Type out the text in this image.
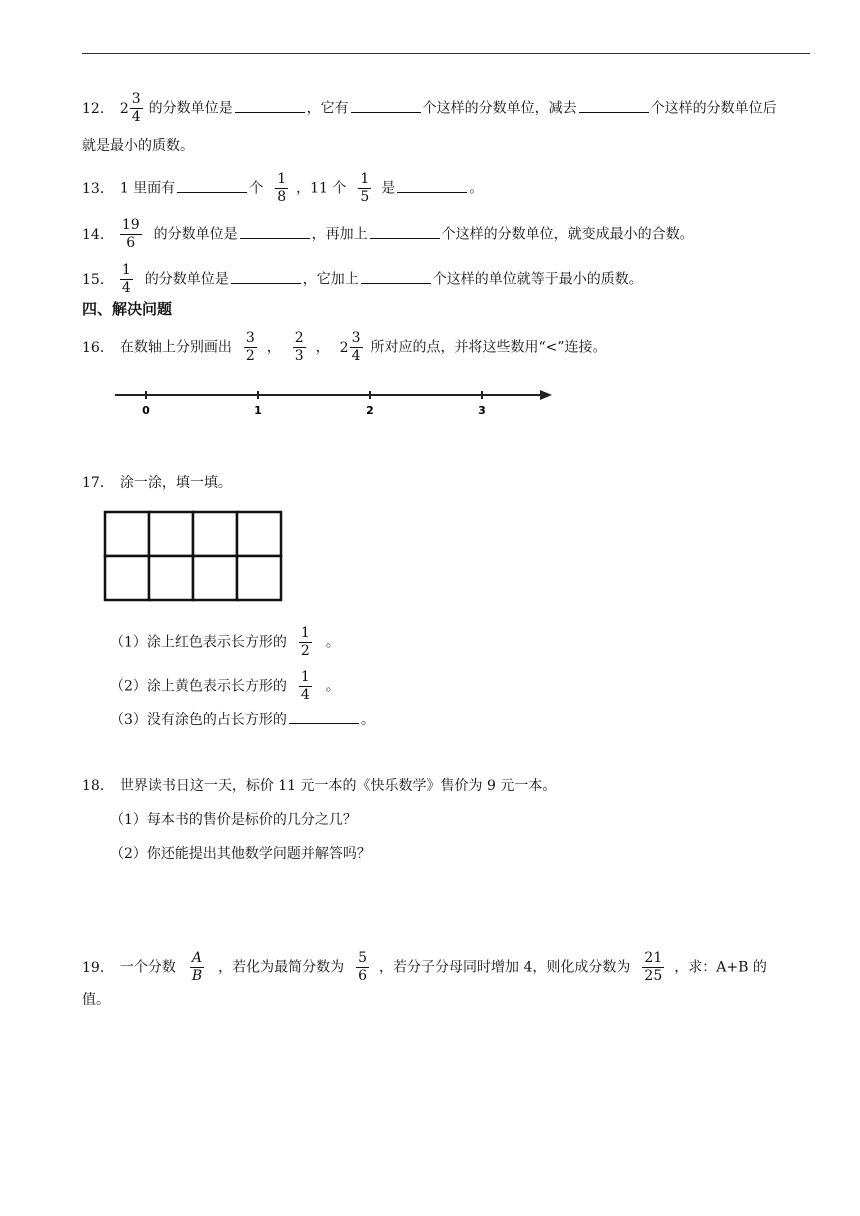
12． $2 \frac{3}{4}$ 的分数单位是	，它有	个这样的分数单位，减去	个这样的分数单位后
就是最小的质数。
13． 1 里面有	个 $\frac{1}{8}$ ，11 个 $\frac{1}{5}$ 是	。
14． $\frac{19}{6}$ 的分数单位是	，再加上	个这样的分数单位，就变成最小的合数。
15． $\frac{1}{4}$ 的分数单位是	，它加上	个这样的单位就等于最小的质数。
四、解决问题
16． 在数轴上分别画出 $\frac{3}{2}$ ， $\frac{2}{3}$ ， $2 \frac{3}{4}$ 所对应的点，并将这些数用“<”连接。
0	1	2	3
17． 涂一涂，填一填。
（1）涂上红色表示长方形的 $\frac{1}{2}$ 。
（2）涂上黄色表示长方形的 $\frac{1}{4}$ 。
（3）没有涂色的占长方形的	。
18． 世界读书日这一天，标价 11 元一本的《快乐数学》售价为 9 元一本。
（1）每本书的售价是标价的几分之几？
（2）你还能提出其他数学问题并解答吗？
19． 一个分数 $\frac{A}{B}$ ，若化为最简分数为 $\frac{5}{6}$ ，若分子分母同时增加 4，则化成分数为 $\frac{21}{25}$ ，求：A+B 的
值。
